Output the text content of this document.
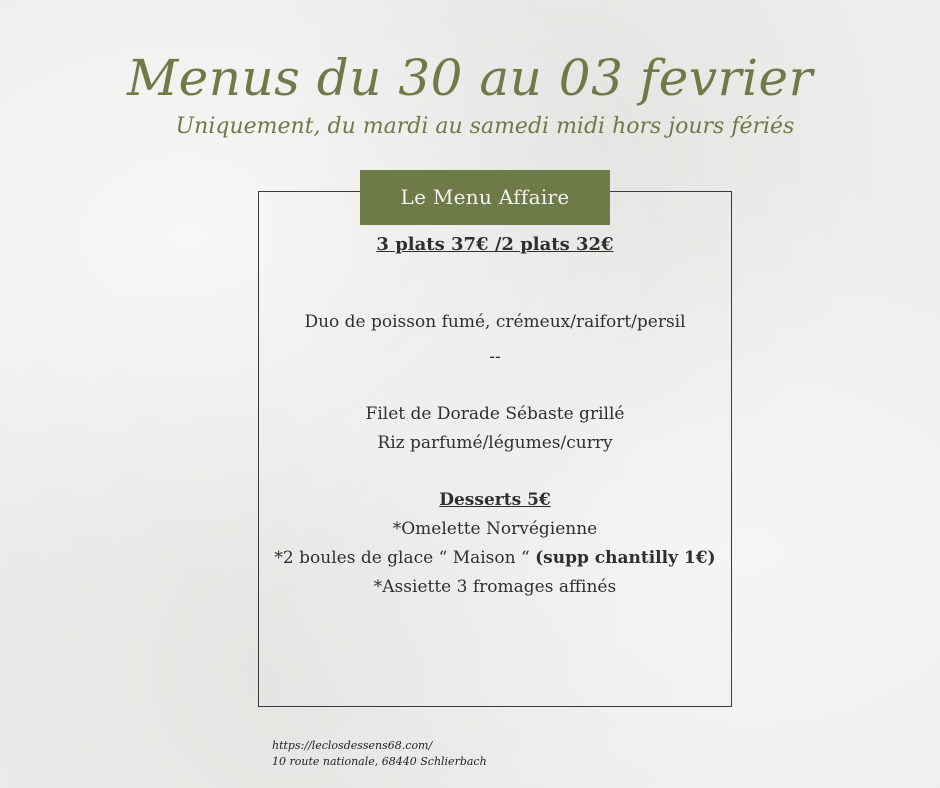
Menus du 30 au 03 fevrier
Uniquement, du mardi au samedi midi hors jours fériés
Le Menu Affaire

3 plats 37€ /2 plats 32€

Duo de poisson fumé, crémeux/raifort/persil

--

Filet de Dorade Sébaste grillé

Riz parfumé/légumes/curry

Desserts 5€

*Omelette Norvégienne

*2 boules de glace “ Maison “ (supp chantilly 1€)

*Assiette 3 fromages affinés

https://leclosdessens68.com/
10 route nationale, 68440 Schlierbach
